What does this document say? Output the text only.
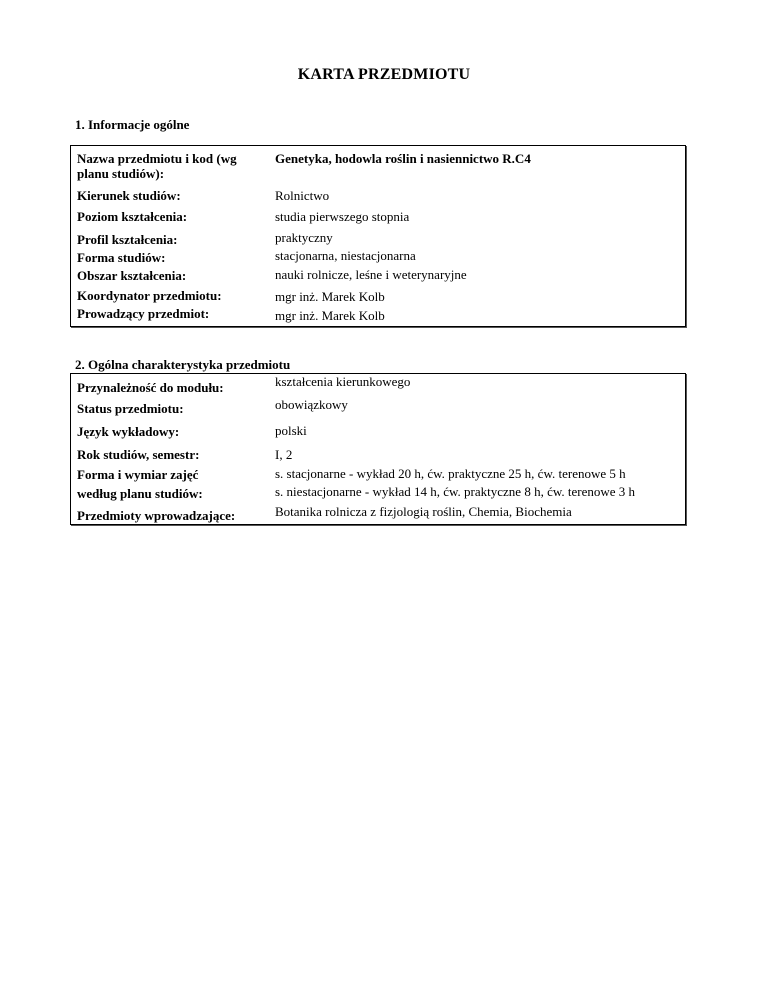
KARTA PRZEDMIOTU
1. Informacje ogólne
Nazwa przedmiotu i kod (wg
planu studiów):
Genetyka, hodowla roślin i nasiennictwo R.C4
Kierunek studiów:	Rolnictwo
Poziom kształcenia:	studia pierwszego stopnia
Profil kształcenia:	praktyczny
Forma studiów:	stacjonarna, niestacjonarna
Obszar kształcenia:	nauki rolnicze, leśne i weterynaryjne
Koordynator przedmiotu:	mgr inż. Marek Kolb
Prowadzący przedmiot:	mgr inż. Marek Kolb
2. Ogólna charakterystyka przedmiotu
Przynależność do modułu:	kształcenia kierunkowego
Status przedmiotu:	obowiązkowy
Język wykładowy:	polski
Rok studiów, semestr:	I, 2
Forma i wymiar zajęć
według planu studiów:
s. stacjonarne - wykład 20 h, ćw. praktyczne 25 h, ćw. terenowe 5 h
s. niestacjonarne - wykład 14 h, ćw. praktyczne 8 h, ćw. terenowe 3 h
Przedmioty wprowadzające:	Botanika rolnicza z fizjologią roślin, Chemia, Biochemia
